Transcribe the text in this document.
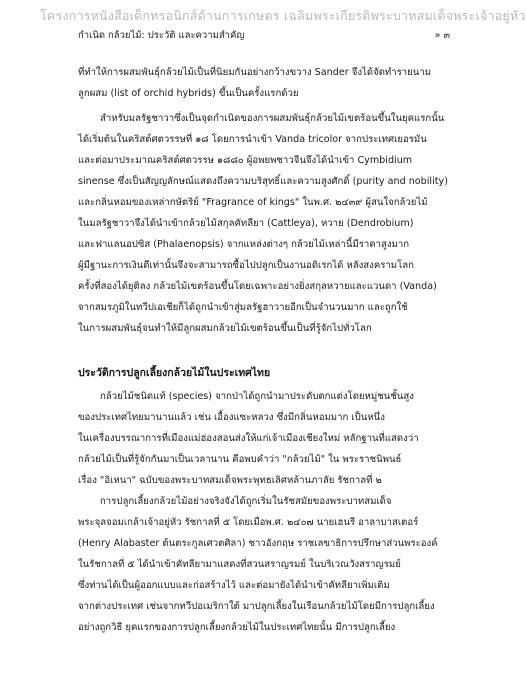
โครงการหนังสือเด็กทรอนิกส์ด้านการเกษตร เฉลิมพระเกียรติพระบาทสมเด็จพระเจ้าอยู่หัว
กำเนิด กล้วยไม้: ประวัติ และความสำคัญ	» ๓

ที่ทำให้การผสมพันธุ์กล้วยไม้เป็นที่นิยมกันอย่างกว้างขวาง Sander จึงได้จัดทำรายนาม
ลูกผสม (list of orchid hybrids) ขึ้นเป็นครั้งแรกด้วย

สำหรับมลรัฐชาวาซึ่งเป็นจุดกำเนิดของการผสมพันธุ์กล้วยไม้เขตร้อนขึ้นในยุคแรกนั้น
ได้เริ่มต้นในคริสต์ศตวรรษที่ ๑๘ โดยการนำเข้า Vanda tricolor จากประเทศเยอรมัน
และต่อมาประมาณคริสต์ศตวรรษ ๑๘๘๐ ผู้อพยพชาวจีนจึงได้นำเข้า Cymbidium
sinense ซึ่งเป็นสัญญลักษณ์แสดงถึงความบริสุทธิ์และความสูงศักดิ์ (purity and nobility)
และกลิ่นหอมของเหล่ากษัตริย์ "Fragrance of kings" ในพ.ศ. ๒๔๓๙ ผู้สนใจกล้วยไม้
ในมลรัฐชาวาจึงได้นำเข้ากล้วยไม้สกุลคัทลียา (Cattleya), หวาย (Dendrobium)
และฟาแลนอปซิส (Phalaenopsis) จากแหล่งต่างๆ กล้วยไม้เหล่านี้มีราคาสูงมาก
ผู้มีฐานะการเงินดีเท่านั้นจึงจะสามารถซื้อไปปลูกเป็นงานอดิเรกได้ หลังสงครามโลก
ครั้งที่สองได้ยุติลง กล้วยไม้เขตร้อนขึ้นโดยเฉพาะอย่างยิ่งสกุลหวายและแวนดา (Vanda)
จากสมรภูมิในทวีปเอเชียก็ได้ถูกนำเข้าสู่มลรัฐฮาวายอีกเป็นจำนวนมาก และถูกใช้
ในการผสมพันธุ์จนทำให้มีลูกผสมกล้วยไม้เขตร้อนขึ้นเป็นที่รู้จักไปทั่วโลก

ประวัติการปลูกเลี้ยงกล้วยไม้ในประเทศไทย

กล้วยไม้ชนิดแท้ (species) จากป่าได้ถูกนำมาประดับตกแต่งโดยหมู่ชนชั้นสูง
ของประเทศไทยมานานแล้ว เช่น เอื้องแซะหลวง ซึ่งมีกลิ่นหอมมาก เป็นหนึ่ง
ในเครื่องบรรณาการที่เมืองแม่ฮ่องสอนส่งให้แก่เจ้าเมืองเชียงใหม่ หลักฐานที่แสดงว่า
กล้วยไม้เป็นที่รู้จักกันมาเป็นเวลานาน คือพบคำว่า "กล้วยไม้" ใน พระราชนิพนธ์
เรื่อง "อิเหนา" ฉบับของพระบาทสมเด็จพระพุทธเลิศหล้านภาลัย รัชกาลที่ ๒

การปลูกเลี้ยงกล้วยไม้อย่างจริงจังได้ถูกเริ่มในรัชสมัยของพระบาทสมเด็จ
พระจุลจอมเกล้าเจ้าอยู่หัว รัชกาลที่ ๕ โดยเมื่อพ.ศ. ๒๔๐๗ นายเฮนรี อาลาบาสเตอร์
(Henry Alabaster ต้นตระกูลเศวตศิลา) ชาวอังกฤษ ราชเลขาธิการปรึกษาส่วนพระองค์
ในรัชกาลที่ ๕ ได้นำเข้าคัทลียามาแสดงที่สวนสราญรมย์ ในบริเวณวังสราญรมย์
ซึ่งท่านได้เป็นผู้ออกแบบและก่อสร้างไว้ และต่อมายังได้นำเข้าคัทลียาเพิ่มเติม
จากต่างประเทศ เช่นจากทวีปอเมริกาใต้ มาปลูกเลี้ยงในเรือนกล้วยไม้โดยมีการปลูกเลี้ยง
อย่างถูกวิธี ยุคแรกของการปลูกเลี้ยงกล้วยไม้ในประเทศไทยนั้น มีการปลูกเลี้ยง
